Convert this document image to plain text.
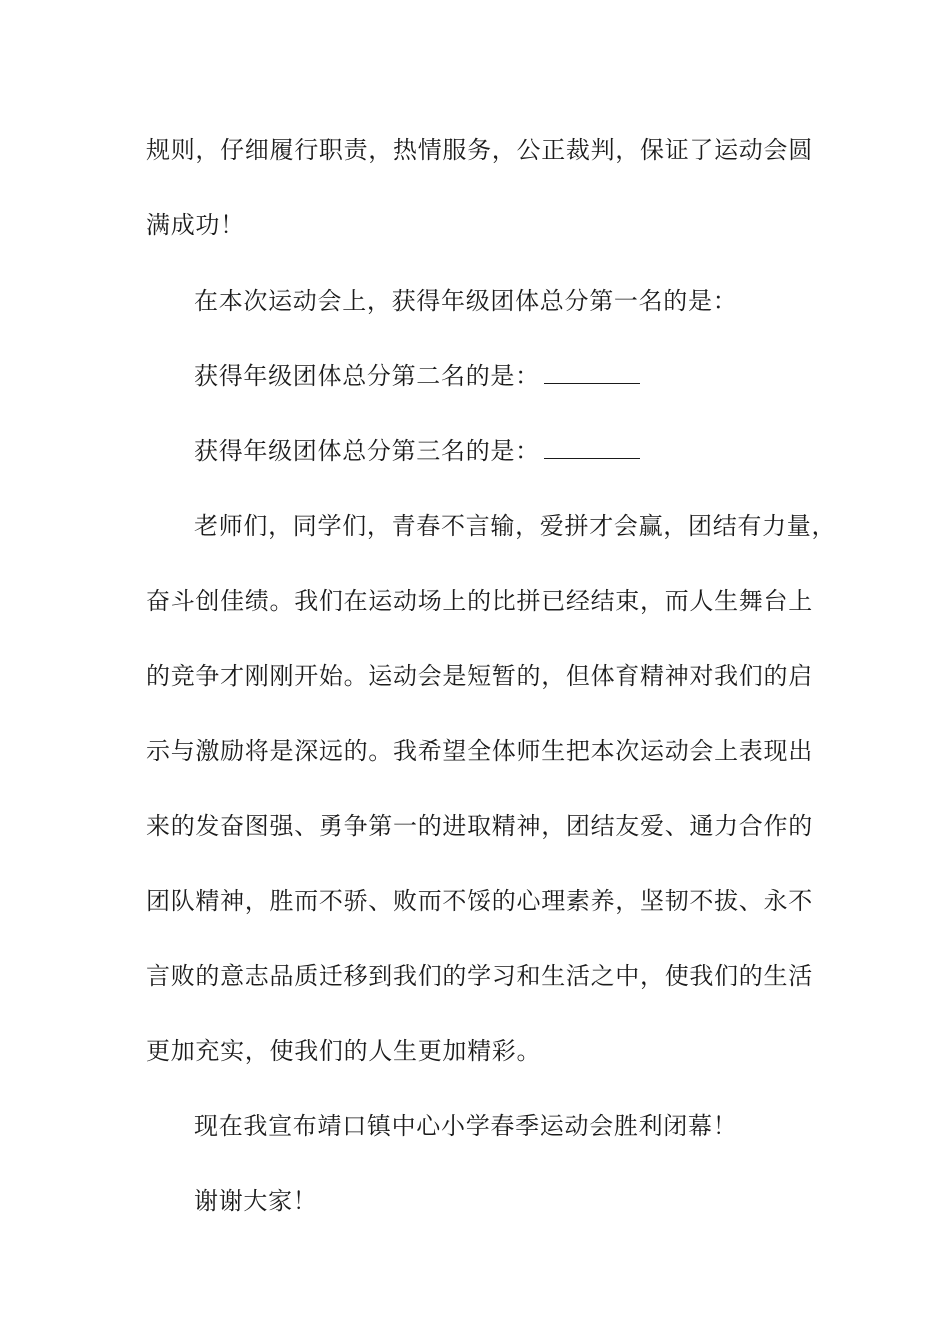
规则，仔细履行职责，热情服务，公正裁判，保证了运动会圆
满成功！
在本次运动会上，获得年级团体总分第一名的是：
获得年级团体总分第二名的是：
获得年级团体总分第三名的是：
老师们，同学们，青春不言输，爱拼才会赢，团结有力量，
奋斗创佳绩。我们在运动场上的比拼已经结束，而人生舞台上
的竞争才刚刚开始。运动会是短暂的，但体育精神对我们的启
示与激励将是深远的。我希望全体师生把本次运动会上表现出
来的发奋图强、勇争第一的进取精神，团结友爱、通力合作的
团队精神，胜而不骄、败而不馁的心理素养，坚韧不拔、永不
言败的意志品质迁移到我们的学习和生活之中，使我们的生活
更加充实，使我们的人生更加精彩。
现在我宣布靖口镇中心小学春季运动会胜利闭幕！
谢谢大家！
